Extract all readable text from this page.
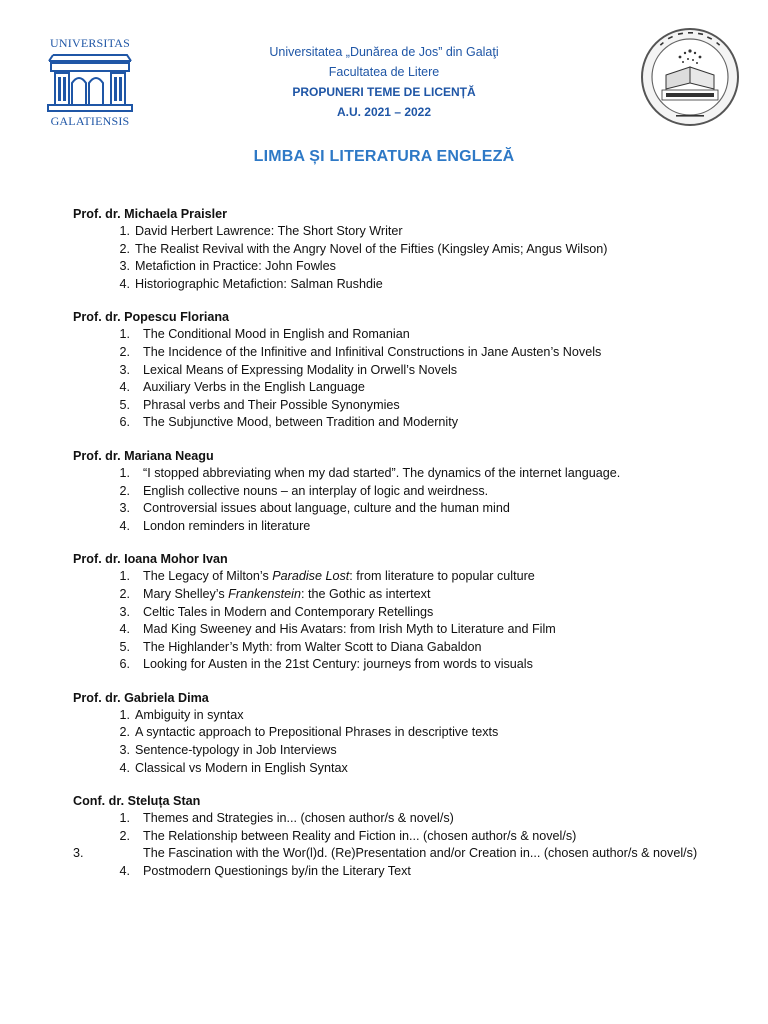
UNIVERSITAS
GALATIENSIS
Universitatea „Dunărea de Jos” din Galaţi
Facultatea de Litere
PROPUNERI TEME DE LICENȚĂ
A.U. 2021 – 2022
LIMBA ȘI LITERATURA ENGLEZĂ
Prof. dr. Michaela Praisler
1. David Herbert Lawrence: The Short Story Writer
2. The Realist Revival with the Angry Novel of the Fifties (Kingsley Amis; Angus Wilson)
3. Metafiction in Practice: John Fowles
4. Historiographic Metafiction: Salman Rushdie
Prof. dr. Popescu Floriana
1. The Conditional Mood in English and Romanian
2. The Incidence of the Infinitive and Infinitival Constructions in Jane Austen’s Novels
3. Lexical Means of Expressing Modality in Orwell’s Novels
4. Auxiliary Verbs in the English Language
5. Phrasal verbs and Their Possible Synonymies
6. The Subjunctive Mood, between Tradition and Modernity
Prof. dr. Mariana Neagu
1. “I stopped abbreviating when my dad started”. The dynamics of the internet language.
2. English collective nouns – an interplay of logic and weirdness.
3. Controversial issues about language, culture and the human mind
4. London reminders in literature
Prof. dr. Ioana Mohor Ivan
1. The Legacy of Milton’s Paradise Lost: from literature to popular culture
2. Mary Shelley’s Frankenstein: the Gothic as intertext
3. Celtic Tales in Modern and Contemporary Retellings
4. Mad King Sweeney and His Avatars: from Irish Myth to Literature and Film
5. The Highlander’s Myth: from Walter Scott to Diana Gabaldon
6. Looking for Austen in the 21st Century: journeys from words to visuals
Prof. dr. Gabriela Dima
1. Ambiguity in syntax
2. A syntactic approach to Prepositional Phrases in descriptive texts
3. Sentence-typology in Job Interviews
4. Classical vs Modern in English Syntax
Conf. dr. Steluța Stan
1. Themes and Strategies in... (chosen author/s & novel/s)
2. The Relationship between Reality and Fiction in... (chosen author/s & novel/s)
3.	The Fascination with the Wor(l)d. (Re)Presentation and/or Creation in... (chosen author/s & novel/s)
4. Postmodern Questionings by/in the Literary Text
